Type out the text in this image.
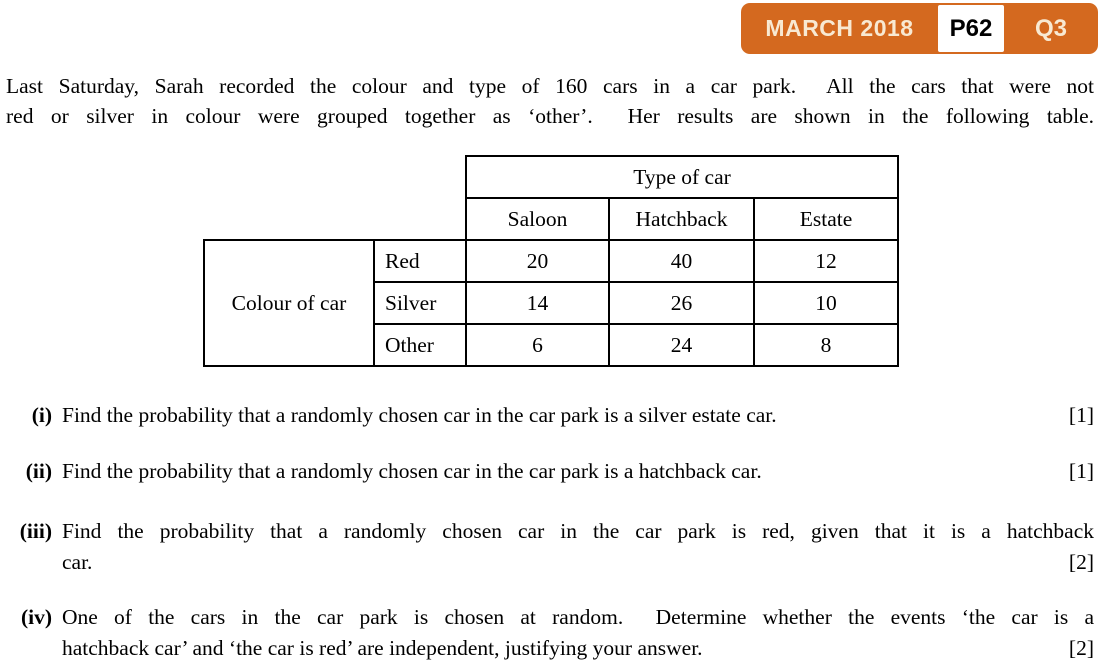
MARCH 2018	P62	Q3
Last Saturday, Sarah recorded the colour and type of 160 cars in a car park.  All the cars that were not
red or silver in colour were grouped together as ‘other’.  Her results are shown in the following table.
		Type of car		
		Saloon	Hatchback	Estate
Colour of car	Red	20	40	12
	Silver	14	26	10
	Other	6	24	8
(i) Find the probability that a randomly chosen car in the car park is a silver estate car.	[1]
(ii) Find the probability that a randomly chosen car in the car park is a hatchback car.	[1]
(iii) Find the probability that a randomly chosen car in the car park is red, given that it is a hatchback
car.	[2]
(iv) One of the cars in the car park is chosen at random.  Determine whether the events ‘the car is a
hatchback car’ and ‘the car is red’ are independent, justifying your answer.	[2]
